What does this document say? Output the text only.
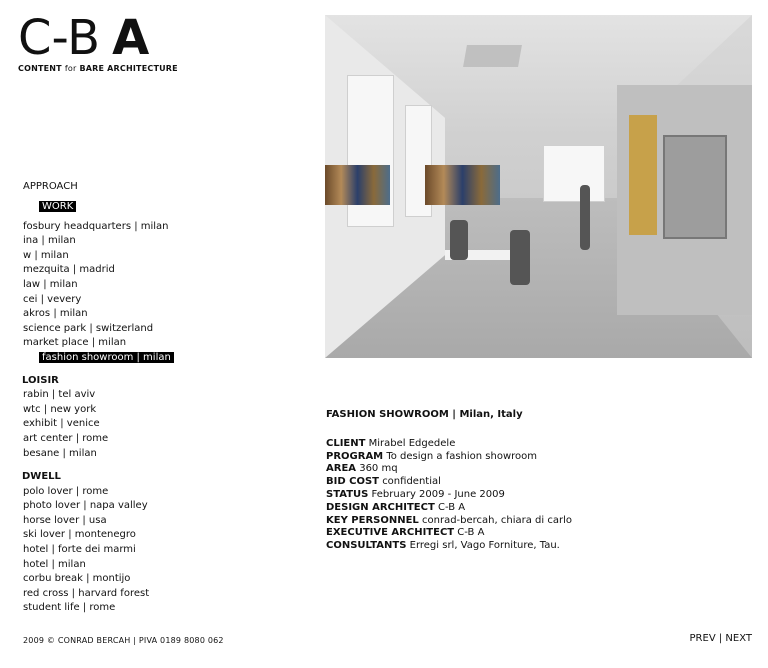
C-B A
CONTENT for BARE ARCHITECTURE
APPROACH
WORK
fosbury headquarters | milan
ina | milan
w | milan
mezquita | madrid
law | milan
cei | vevery
akros | milan
science park | switzerland
market place | milan
fashion showroom | milan
LOISIR
rabin | tel aviv
wtc | new york
exhibit | venice
art center | rome
besane | milan
DWELL
polo lover | rome
photo lover | napa valley
horse lover | usa
ski lover | montenegro
hotel | forte dei marmi
hotel | milan
corbu break | montijo
red cross | harvard forest
student life | rome
FASHION SHOWROOM | Milan, Italy
CLIENT Mirabel Edgedele
PROGRAM To design a fashion showroom
AREA 360 mq
BID COST confidential
STATUS February 2009 - June 2009
DESIGN ARCHITECT C-B A
KEY PERSONNEL conrad-bercah, chiara di carlo
EXECUTIVE ARCHITECT C-B A
CONSULTANTS Erregi srl, Vago Forniture, Tau.
2009 © CONRAD BERCAH | PIVA 0189 8080 062	PREV | NEXT
